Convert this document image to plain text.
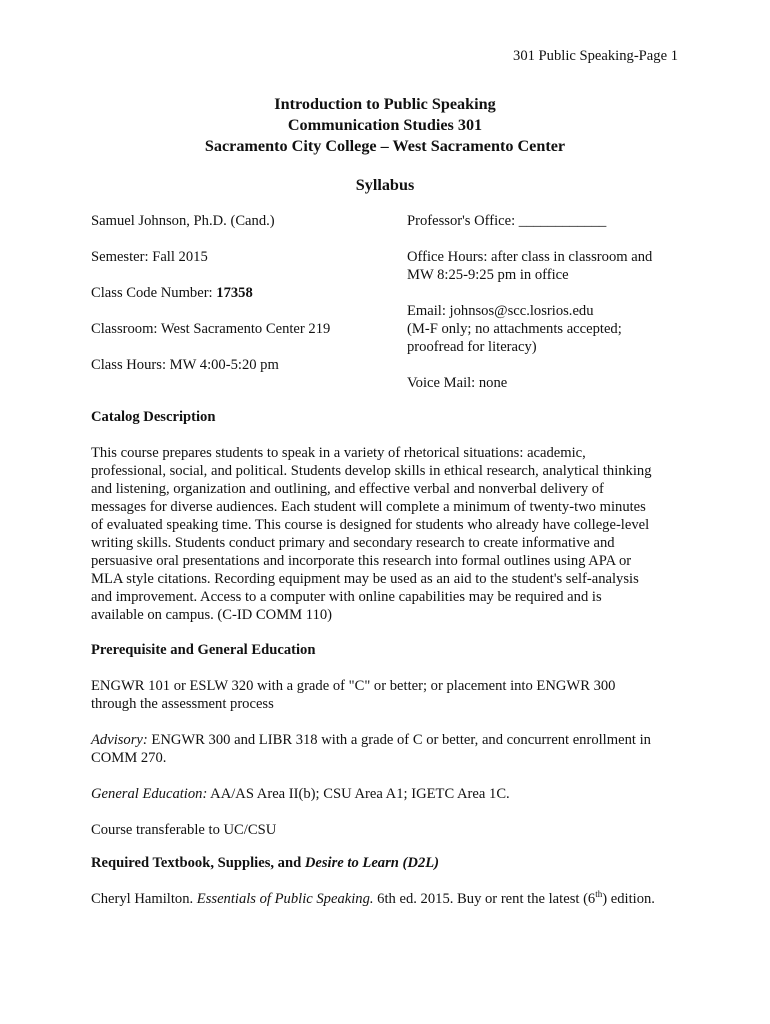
301 Public Speaking-Page 1
Introduction to Public Speaking
Communication Studies 301
Sacramento City College – West Sacramento Center
Syllabus
Samuel Johnson, Ph.D. (Cand.)
Semester: Fall 2015
Class Code Number: 17358
Classroom: West Sacramento Center 219
Class Hours: MW 4:00-5:20 pm
Professor's Office: ____________
Office Hours: after class in classroom and
MW 8:25-9:25 pm in office
Email: johnsos@scc.losrios.edu
(M-F only; no attachments accepted;
proofread for literacy)
Voice Mail: none
Catalog Description
This course prepares students to speak in a variety of rhetorical situations: academic,
professional, social, and political. Students develop skills in ethical research, analytical thinking
and listening, organization and outlining, and effective verbal and nonverbal delivery of
messages for diverse audiences. Each student will complete a minimum of twenty-two minutes
of evaluated speaking time. This course is designed for students who already have college-level
writing skills. Students conduct primary and secondary research to create informative and
persuasive oral presentations and incorporate this research into formal outlines using APA or
MLA style citations. Recording equipment may be used as an aid to the student's self-analysis
and improvement. Access to a computer with online capabilities may be required and is
available on campus. (C-ID COMM 110)
Prerequisite and General Education
ENGWR 101 or ESLW 320 with a grade of "C" or better; or placement into ENGWR 300
through the assessment process
Advisory: ENGWR 300 and LIBR 318 with a grade of C or better, and concurrent enrollment in
COMM 270.
General Education: AA/AS Area II(b); CSU Area A1; IGETC Area 1C.
Course transferable to UC/CSU
Required Textbook, Supplies, and Desire to Learn (D2L)
Cheryl Hamilton. Essentials of Public Speaking. 6th ed. 2015. Buy or rent the latest (6th) edition.
